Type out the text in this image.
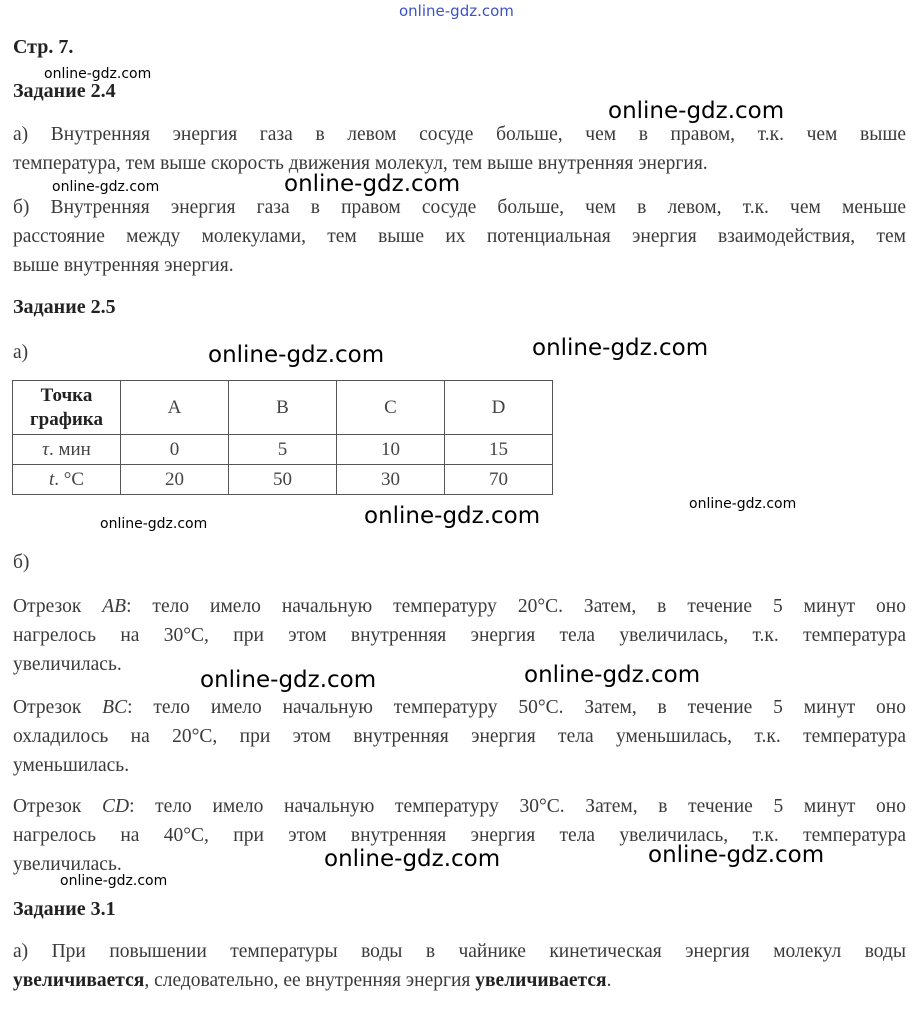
online-gdz.com
online-gdz.com
online-gdz.com
online-gdz.com	online-gdz.com
online-gdz.com	online-gdz.com
online-gdz.com
online-gdz.com	online-gdz.com
online-gdz.com	online-gdz.com
online-gdz.com	online-gdz.com
online-gdz.com
Стр. 7.
Задание 2.4
а) Внутренняя энергия газа в левом сосуде больше, чем в правом, т.к. чем выше
температура, тем выше скорость движения молекул, тем выше внутренняя энергия.
б) Внутренняя энергия газа в правом сосуде больше, чем в левом, т.к. чем меньше
расстояние между молекулами, тем выше их потенциальная энергия взаимодействия, тем
выше внутренняя энергия.
Задание 2.5
а)
Точка
графика	A	B	C	D
τ. мин	0	5	10	15
t. °C	20	50	30	70
б)
Отрезок AB: тело имело начальную температуру 20°C. Затем, в течение 5 минут оно
нагрелось на 30°C, при этом внутренняя энергия тела увеличилась, т.к. температура
увеличилась.
Отрезок BC: тело имело начальную температуру 50°C. Затем, в течение 5 минут оно
охладилось на 20°C, при этом внутренняя энергия тела уменьшилась, т.к. температура
уменьшилась.
Отрезок CD: тело имело начальную температуру 30°C. Затем, в течение 5 минут оно
нагрелось на 40°C, при этом внутренняя энергия тела увеличилась, т.к. температура
увеличилась.
Задание 3.1
а) При повышении температуры воды в чайнике кинетическая энергия молекул воды
увеличивается, следовательно, ее внутренняя энергия увеличивается.
